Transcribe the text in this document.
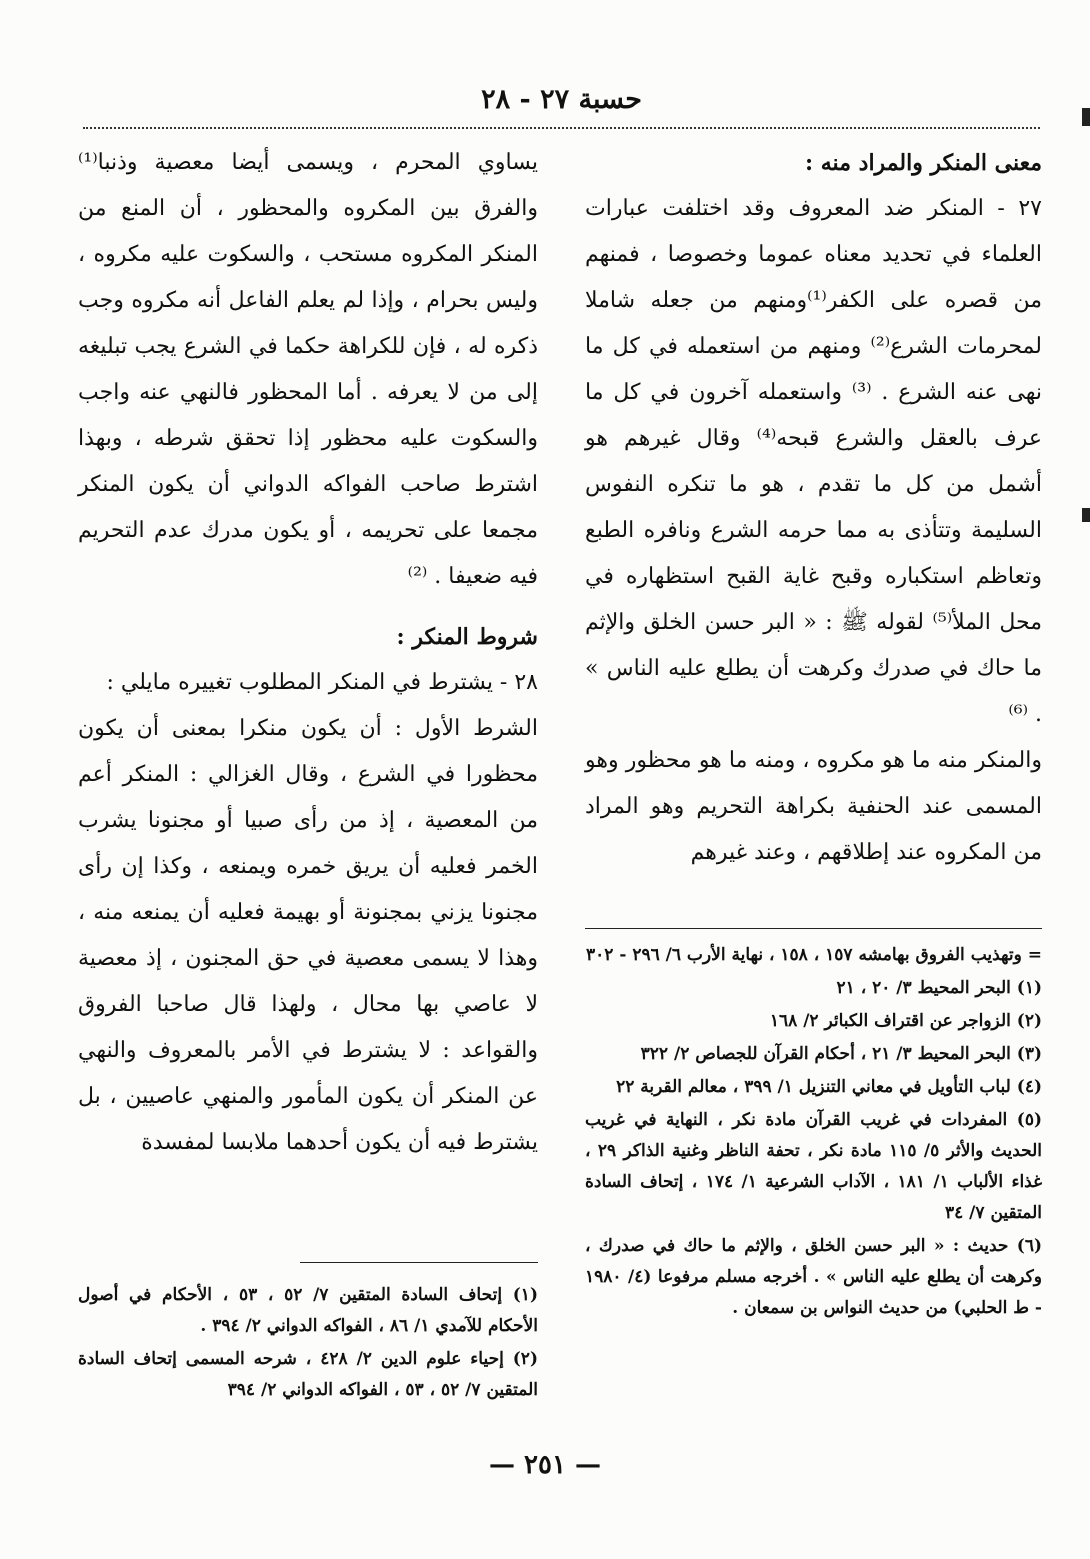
حسبة ٢٧ - ٢٨
معنى المنكر والمراد منه :

٢٧ - المنكر ضد المعروف وقد اختلفت عبارات العلماء في تحديد معناه عموما وخصوصا ، فمنهم من قصره على الكفر⁽¹⁾ومنهم من جعله شاملا لمحرمات الشرع⁽²⁾ ومنهم من استعمله في كل ما نهى عنه الشرع . ⁽³⁾ واستعمله آخرون في كل ما عرف بالعقل والشرع قبحه⁽⁴⁾ وقال غيرهم هو أشمل من كل ما تقدم ، هو ما تنكره النفوس السليمة وتتأذى به مما حرمه الشرع ونافره الطبع وتعاظم استكباره وقبح غاية القبح استظهاره في محل الملأ⁽⁵⁾ لقوله ﷺ : « البر حسن الخلق والإثم ما حاك في صدرك وكرهت أن يطلع عليه الناس » . ⁽⁶⁾

والمنكر منه ما هو مكروه ، ومنه ما هو محظور وهو المسمى عند الحنفية بكراهة التحريم وهو المراد من المكروه عند إطلاقهم ، وعند غيرهم

= وتهذيب الفروق بهامشه ١٥٧ ، ١٥٨ ، نهاية الأرب ٦/ ٢٩٦ - ٣٠٢

(١) البحر المحيط ٣/ ٢٠ ، ٢١

(٢) الزواجر عن اقتراف الكبائر ٢/ ١٦٨

(٣) البحر المحيط ٣/ ٢١ ، أحكام القرآن للجصاص ٢/ ٣٢٢

(٤) لباب التأويل في معاني التنزيل ١/ ٣٩٩ ، معالم القربة ٢٢

(٥) المفردات في غريب القرآن مادة نكر ، النهاية في غريب الحديث والأثر ٥/ ١١٥ مادة نكر ، تحفة الناظر وغنية الذاكر ٢٩ ، غذاء الألباب ١/ ١٨١ ، الآداب الشرعية ١/ ١٧٤ ، إتحاف السادة المتقين ٧/ ٣٤

(٦) حديث : « البر حسن الخلق ، والإثم ما حاك في صدرك ، وكرهت أن يطلع عليه الناس » . أخرجه مسلم مرفوعا (٤/ ١٩٨٠ - ط الحلبي) من حديث النواس بن سمعان .

يساوي المحرم ، ويسمى أيضا معصية وذنبا⁽¹⁾ والفرق بين المكروه والمحظور ، أن المنع من المنكر المكروه مستحب ، والسكوت عليه مكروه ، وليس بحرام ، وإذا لم يعلم الفاعل أنه مكروه وجب ذكره له ، فإن للكراهة حكما في الشرع يجب تبليغه إلى من لا يعرفه . أما المحظور فالنهي عنه واجب والسكوت عليه محظور إذا تحقق شرطه ، وبهذا اشترط صاحب الفواكه الدواني أن يكون المنكر مجمعا على تحريمه ، أو يكون مدرك عدم التحريم فيه ضعيفا . ⁽²⁾

شروط المنكر :

٢٨ - يشترط في المنكر المطلوب تغييره مايلي :

الشرط الأول : أن يكون منكرا بمعنى أن يكون محظورا في الشرع ، وقال الغزالي : المنكر أعم من المعصية ، إذ من رأى صبيا أو مجنونا يشرب الخمر فعليه أن يريق خمره ويمنعه ، وكذا إن رأى مجنونا يزني بمجنونة أو بهيمة فعليه أن يمنعه منه ، وهذا لا يسمى معصية في حق المجنون ، إذ معصية لا عاصي بها محال ، ولهذا قال صاحبا الفروق والقواعد : لا يشترط في الأمر بالمعروف والنهي عن المنكر أن يكون المأمور والمنهي عاصيين ، بل يشترط فيه أن يكون أحدهما ملابسا لمفسدة

(١) إتحاف السادة المتقين ٧/ ٥٢ ، ٥٣ ، الأحكام في أصول الأحكام للآمدي ١/ ٨٦ ، الفواكه الدواني ٢/ ٣٩٤ .

(٢) إحياء علوم الدين ٢/ ٤٢٨ ، شرحه المسمى إتحاف السادة المتقين ٧/ ٥٢ ، ٥٣ ، الفواكه الدواني ٢/ ٣٩٤

— ٢٥١ —
